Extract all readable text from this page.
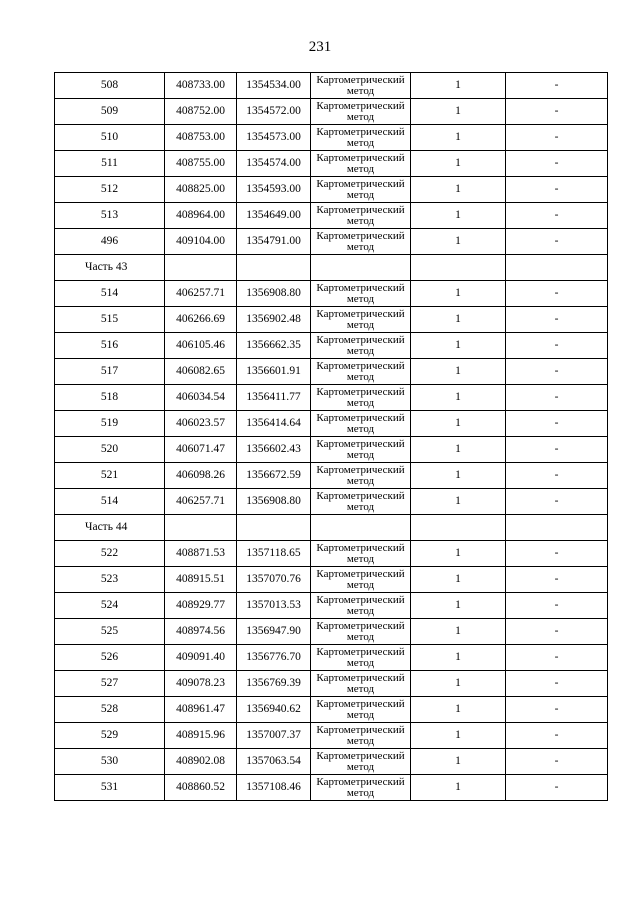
231
508	408733.00	1354534.00	Картометрический метод	1	-
509	408752.00	1354572.00	Картометрический метод	1	-
510	408753.00	1354573.00	Картометрический метод	1	-
511	408755.00	1354574.00	Картометрический метод	1	-
512	408825.00	1354593.00	Картометрический метод	1	-
513	408964.00	1354649.00	Картометрический метод	1	-
496	409104.00	1354791.00	Картометрический метод	1	-
Часть 43					
514	406257.71	1356908.80	Картометрический метод	1	-
515	406266.69	1356902.48	Картометрический метод	1	-
516	406105.46	1356662.35	Картометрический метод	1	-
517	406082.65	1356601.91	Картометрический метод	1	-
518	406034.54	1356411.77	Картометрический метод	1	-
519	406023.57	1356414.64	Картометрический метод	1	-
520	406071.47	1356602.43	Картометрический метод	1	-
521	406098.26	1356672.59	Картометрический метод	1	-
514	406257.71	1356908.80	Картометрический метод	1	-
Часть 44					
522	408871.53	1357118.65	Картометрический метод	1	-
523	408915.51	1357070.76	Картометрический метод	1	-
524	408929.77	1357013.53	Картометрический метод	1	-
525	408974.56	1356947.90	Картометрический метод	1	-
526	409091.40	1356776.70	Картометрический метод	1	-
527	409078.23	1356769.39	Картометрический метод	1	-
528	408961.47	1356940.62	Картометрический метод	1	-
529	408915.96	1357007.37	Картометрический метод	1	-
530	408902.08	1357063.54	Картометрический метод	1	-
531	408860.52	1357108.46	Картометрический метод	1	-
